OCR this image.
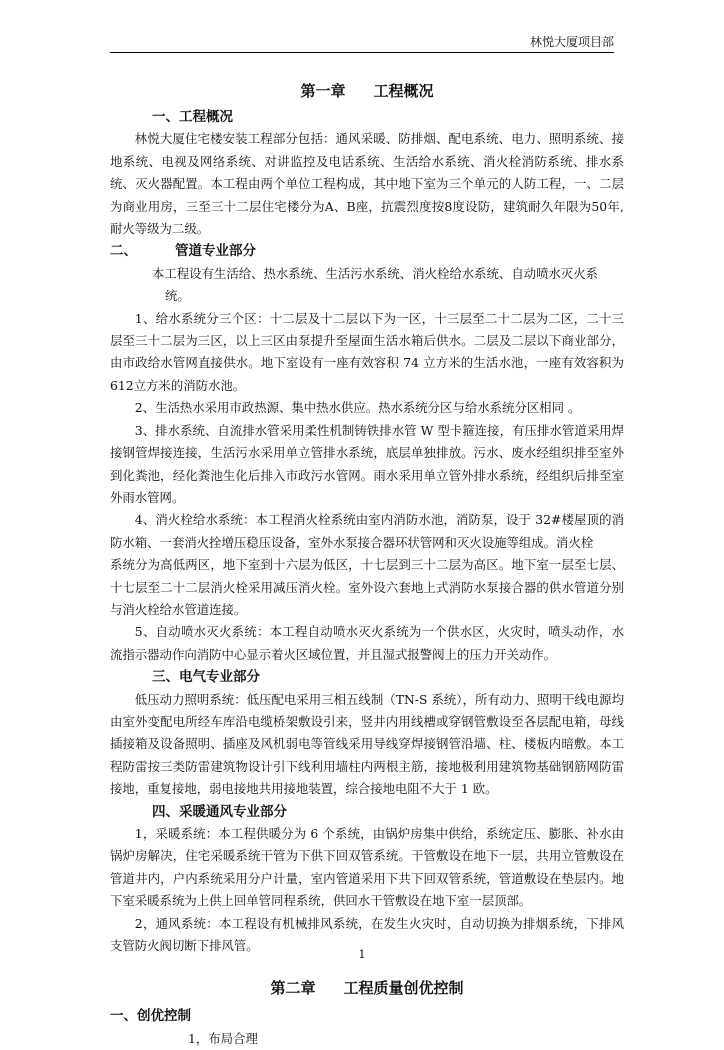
林悦大厦项目部
第一章 工程概况
一、工程概况

林悦大厦住宅楼安装工程部分包括：通风采暖、防排烟、配电系统、电力、照明系统、接地系统、电视及网络系统、对讲监控及电话系统、生活给水系统、消火栓消防系统、排水系统、灭火器配置。本工程由两个单位工程构成，其中地下室为三个单元的人防工程，一、二层为商业用房，三至三十二层住宅楼分为A、B座，抗震烈度按8度设防，建筑耐久年限为50年,耐火等级为二级。

二、	管道专业部分

本工程设有生活给、热水系统、生活污水系统、消火栓给水系统、自动喷水灭火系

统。

1、给水系统分三个区：十二层及十二层以下为一区，十三层至二十二层为二区，二十三层至三十二层为三区，以上三区由泵提升至屋面生活水箱后供水。二层及二层以下商业部分，由市政给水管网直接供水。地下室设有一座有效容积 74 立方米的生活水池，一座有效容积为612立方米的消防水池。

2、生活热水采用市政热源、集中热水供应。热水系统分区与给水系统分区相同 。

3、排水系统、自流排水管采用柔性机制铸铁排水管 W 型卡箍连接，有压排水管道采用焊接钢管焊接连接，生活污水采用单立管排水系统，底层单独排放。污水、废水经组织排至室外到化粪池，经化粪池生化后排入市政污水管网。雨水采用单立管外排水系统，经组织后排至室外雨水管网。

4、消火栓给水系统：本工程消火栓系统由室内消防水池，消防泵，设于 32#楼屋顶的消防水箱、一套消火拴增压稳压设备，室外水泵接合器环状管网和灭火设施等组成。消火栓

系统分为高低两区，地下室到十六层为低区，十七层到三十二层为高区。地下室一层至七层、十七层至二十二层消火栓采用减压消火栓。室外设六套地上式消防水泵接合器的供水管道分别与消火栓给水管道连接。

5、自动喷水灭火系统：本工程自动喷水灭火系统为一个供水区，火灾时，喷头动作，水流指示器动作向消防中心显示着火区域位置，并且湿式报警阀上的压力开关动作。

三、电气专业部分

低压动力照明系统：低压配电采用三相五线制（TN-S 系统），所有动力、照明干线电源均由室外变配电所经车库沿电缆桥架敷设引来，竖井内用线槽或穿钢管敷设至各层配电箱，母线插接箱及设备照明、插座及风机弱电等管线采用导线穿焊接钢管沿墙、柱、楼板内暗敷。本工程防雷按三类防雷建筑物设计引下线利用墙柱内两根主筋，接地极利用建筑物基础钢筋网防雷接地，重复接地，弱电接地共用接地装置，综合接地电阻不大于 1 欧。

四、采暖通风专业部分

1，采暖系统：本工程供暖分为 6 个系统，由锅炉房集中供给，系统定压、膨胀、补水由锅炉房解决，住宅采暖系统干管为下供下回双管系统。干管敷设在地下一层，共用立管敷设在管道井内，户内系统采用分户计量，室内管道采用下共下回双管系统，管道敷设在垫层内。地下室采暖系统为上供上回单管同程系统，供回水干管敷设在地下室一层顶部。

2，通风系统：本工程设有机械排风系统，在发生火灾时，自动切换为排烟系统，下排风支管防火阀切断下排风管。

第二章 工程质量创优控制
一、创优控制

1，布局合理

1
